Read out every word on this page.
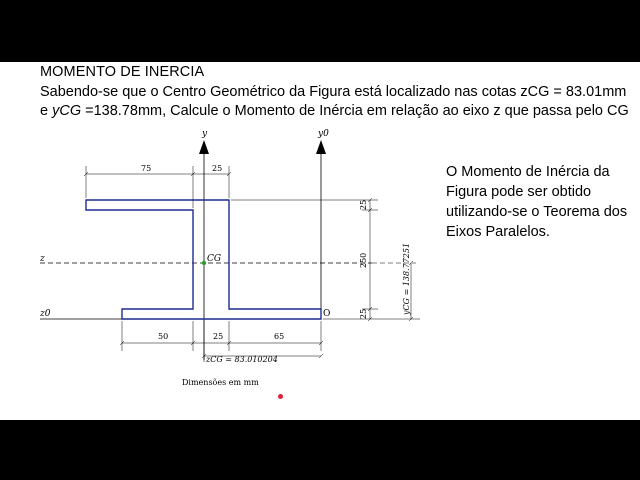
MOMENTO DE INERCIA
Sabendo-se que o Centro Geométrico da Figura está localizado nas cotas zCG = 83.01mm e yCG =138.78mm, Calcule o Momento de Inércia em relação ao eixo z que passa pelo CG
CG
y	y0
z
z0	O
75	25
50	25	65
zCG = 83.010204
25
250
25	yCG = 138.77251
Dimensões em mm
O Momento de Inércia da Figura pode ser obtido utilizando-se o Teorema dos Eixos Paralelos.
